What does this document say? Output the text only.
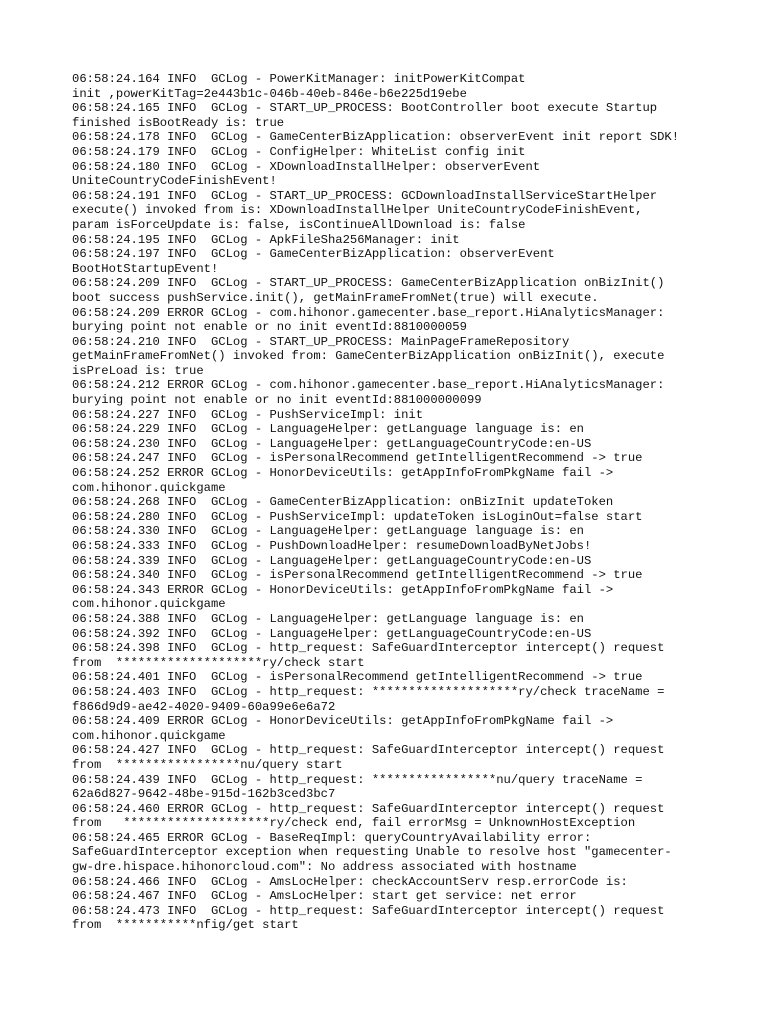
06:58:24.164 INFO  GCLog - PowerKitManager: initPowerKitCompat
init ,powerKitTag=2e443b1c-046b-40eb-846e-b6e225d19ebe
06:58:24.165 INFO  GCLog - START_UP_PROCESS: BootController boot execute Startup
finished isBootReady is: true
06:58:24.178 INFO  GCLog - GameCenterBizApplication: observerEvent init report SDK!
06:58:24.179 INFO  GCLog - ConfigHelper: WhiteList config init
06:58:24.180 INFO  GCLog - XDownloadInstallHelper: observerEvent
UniteCountryCodeFinishEvent!
06:58:24.191 INFO  GCLog - START_UP_PROCESS: GCDownloadInstallServiceStartHelper
execute() invoked from is: XDownloadInstallHelper UniteCountryCodeFinishEvent,
param isForceUpdate is: false, isContinueAllDownload is: false
06:58:24.195 INFO  GCLog - ApkFileSha256Manager: init
06:58:24.197 INFO  GCLog - GameCenterBizApplication: observerEvent
BootHotStartupEvent!
06:58:24.209 INFO  GCLog - START_UP_PROCESS: GameCenterBizApplication onBizInit()
boot success pushService.init(), getMainFrameFromNet(true) will execute.
06:58:24.209 ERROR GCLog - com.hihonor.gamecenter.base_report.HiAnalyticsManager:
burying point not enable or no init eventId:8810000059
06:58:24.210 INFO  GCLog - START_UP_PROCESS: MainPageFrameRepository
getMainFrameFromNet() invoked from: GameCenterBizApplication onBizInit(), execute
isPreLoad is: true
06:58:24.212 ERROR GCLog - com.hihonor.gamecenter.base_report.HiAnalyticsManager:
burying point not enable or no init eventId:881000000099
06:58:24.227 INFO  GCLog - PushServiceImpl: init
06:58:24.229 INFO  GCLog - LanguageHelper: getLanguage language is: en
06:58:24.230 INFO  GCLog - LanguageHelper: getLanguageCountryCode:en-US
06:58:24.247 INFO  GCLog - isPersonalRecommend getIntelligentRecommend -> true
06:58:24.252 ERROR GCLog - HonorDeviceUtils: getAppInfoFromPkgName fail ->
com.hihonor.quickgame
06:58:24.268 INFO  GCLog - GameCenterBizApplication: onBizInit updateToken
06:58:24.280 INFO  GCLog - PushServiceImpl: updateToken isLoginOut=false start
06:58:24.330 INFO  GCLog - LanguageHelper: getLanguage language is: en
06:58:24.333 INFO  GCLog - PushDownloadHelper: resumeDownloadByNetJobs!
06:58:24.339 INFO  GCLog - LanguageHelper: getLanguageCountryCode:en-US
06:58:24.340 INFO  GCLog - isPersonalRecommend getIntelligentRecommend -> true
06:58:24.343 ERROR GCLog - HonorDeviceUtils: getAppInfoFromPkgName fail ->
com.hihonor.quickgame
06:58:24.388 INFO  GCLog - LanguageHelper: getLanguage language is: en
06:58:24.392 INFO  GCLog - LanguageHelper: getLanguageCountryCode:en-US
06:58:24.398 INFO  GCLog - http_request: SafeGuardInterceptor intercept() request
from  ********************ry/check start
06:58:24.401 INFO  GCLog - isPersonalRecommend getIntelligentRecommend -> true
06:58:24.403 INFO  GCLog - http_request: ********************ry/check traceName =
f866d9d9-ae42-4020-9409-60a99e6e6a72
06:58:24.409 ERROR GCLog - HonorDeviceUtils: getAppInfoFromPkgName fail ->
com.hihonor.quickgame
06:58:24.427 INFO  GCLog - http_request: SafeGuardInterceptor intercept() request
from  *****************nu/query start
06:58:24.439 INFO  GCLog - http_request: *****************nu/query traceName =
62a6d827-9642-48be-915d-162b3ced3bc7
06:58:24.460 ERROR GCLog - http_request: SafeGuardInterceptor intercept() request
from   ********************ry/check end, fail errorMsg = UnknownHostException
06:58:24.465 ERROR GCLog - BaseReqImpl: queryCountryAvailability error:
SafeGuardInterceptor exception when requesting Unable to resolve host "gamecenter-
gw-dre.hispace.hihonorcloud.com": No address associated with hostname
06:58:24.466 INFO  GCLog - AmsLocHelper: checkAccountServ resp.errorCode is:
06:58:24.467 INFO  GCLog - AmsLocHelper: start get service: net error
06:58:24.473 INFO  GCLog - http_request: SafeGuardInterceptor intercept() request
from  ***********nfig/get start
